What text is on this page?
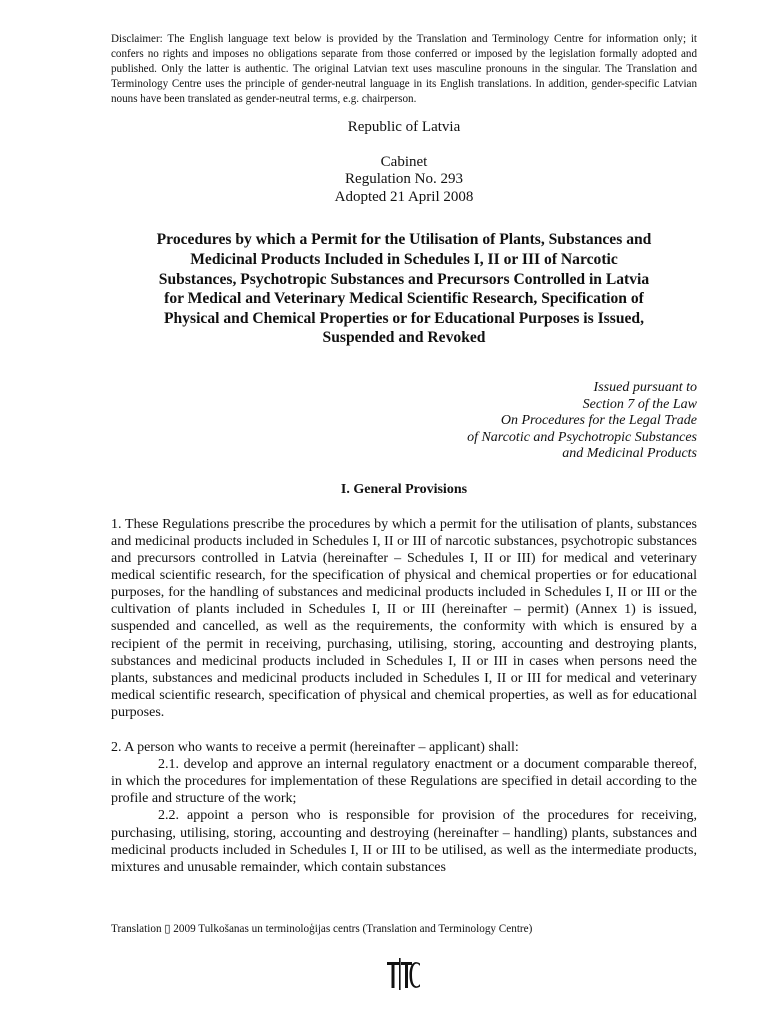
Disclaimer: The English language text below is provided by the Translation and Terminology Centre for information only; it confers no rights and imposes no obligations separate from those conferred or imposed by the legislation formally adopted and published. Only the latter is authentic. The original Latvian text uses masculine pronouns in the singular. The Translation and Terminology Centre uses the principle of gender-neutral language in its English translations. In addition, gender-specific Latvian nouns have been translated as gender-neutral terms, e.g. chairperson.

Republic of Latvia
Cabinet
Regulation No. 293
Adopted 21 April 2008
Procedures by which a Permit for the Utilisation of Plants, Substances and
Medicinal Products Included in Schedules I, II or III of Narcotic
Substances, Psychotropic Substances and Precursors Controlled in Latvia
for Medical and Veterinary Medical Scientific Research, Specification of
Physical and Chemical Properties or for Educational Purposes is Issued,
Suspended and Revoked
Issued pursuant to
Section 7 of the Law
On Procedures for the Legal Trade
of Narcotic and Psychotropic Substances
and Medicinal Products
I. General Provisions

1. These Regulations prescribe the procedures by which a permit for the utilisation of plants, substances and medicinal products included in Schedules I, II or III of narcotic substances, psychotropic substances and precursors controlled in Latvia (hereinafter – Schedules I, II or III) for medical and veterinary medical scientific research, for the specification of physical and chemical properties or for educational purposes, for the handling of substances and medicinal products included in Schedules I, II or III or the cultivation of plants included in Schedules I, II or III (hereinafter – permit) (Annex 1) is issued, suspended and cancelled, as well as the requirements, the conformity with which is ensured by a recipient of the permit in receiving, purchasing, utilising, storing, accounting and destroying plants, substances and medicinal products included in Schedules I, II or III in cases when persons need the plants, substances and medicinal products included in Schedules I, II or III for medical and veterinary medical scientific research, specification of physical and chemical properties, as well as for educational purposes.

2. A person who wants to receive a permit (hereinafter – applicant) shall:

2.1. develop and approve an internal regulatory enactment or a document comparable thereof, in which the procedures for implementation of these Regulations are specified in detail according to the profile and structure of the work;

2.2. appoint a person who is responsible for provision of the procedures for receiving, purchasing, utilising, storing, accounting and destroying (hereinafter – handling) plants, substances and medicinal products included in Schedules I, II or III to be utilised, as well as the intermediate products, mixtures and unusable remainder, which contain substances

Translation ▯ 2009 Tulkošanas un terminoloģijas centrs (Translation and Terminology Centre)
